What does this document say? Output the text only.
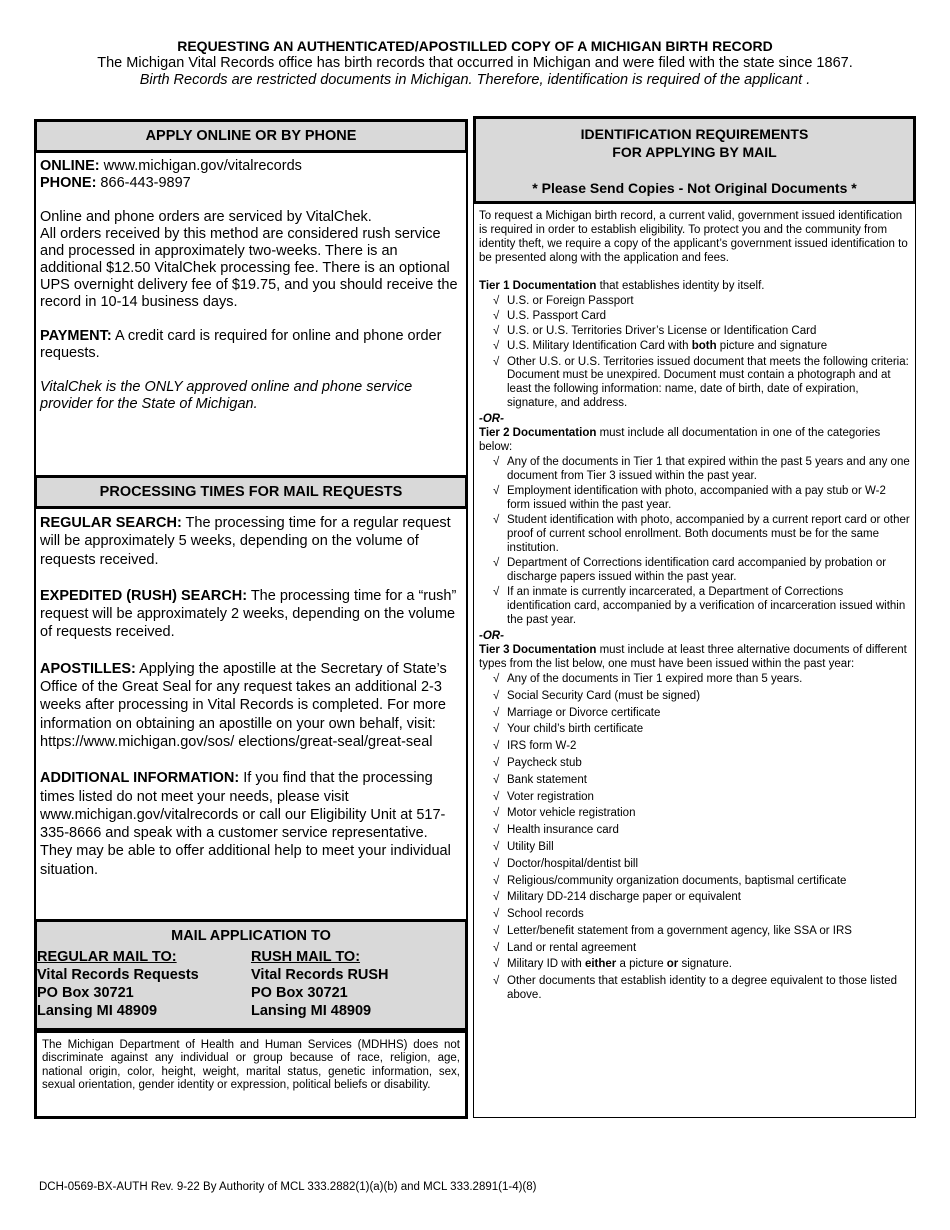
REQUESTING AN AUTHENTICATED/APOSTILLED COPY OF A MICHIGAN BIRTH RECORD
The Michigan Vital Records office has birth records that occurred in Michigan and were filed with the state since 1867.
Birth Records are restricted documents in Michigan. Therefore, identification is required of the applicant .
APPLY ONLINE OR BY PHONE

ONLINE: www.michigan.gov/vitalrecords

PHONE: 866-443-9897

Online and phone orders are serviced by VitalChek.

All orders received by this method are considered rush service and processed in approximately two-weeks. There is an additional $12.50 VitalChek processing fee. There is an optional UPS overnight delivery fee of $19.75, and you should receive the record in 10-14 business days.

PAYMENT: A credit card is required for online and phone order requests.

VitalChek is the ONLY approved online and phone service provider for the State of Michigan.

PROCESSING TIMES FOR MAIL REQUESTS

REGULAR SEARCH: The processing time for a regular request will be approximately 5 weeks, depending on the volume of requests received.

EXPEDITED (RUSH) SEARCH: The processing time for a “rush” request will be approximately 2 weeks, depending on the volume of requests received.

APOSTILLES: Applying the apostille at the Secretary of State’s Office of the Great Seal for any request takes an additional 2-3 weeks after processing in Vital Records is completed. For more information on obtaining an apostille on your own behalf, visit: https://www.michigan.gov/sos/ elections/great-seal/great-seal

ADDITIONAL INFORMATION: If you find that the processing times listed do not meet your needs, please visit www.michigan.gov/vitalrecords or call our Eligibility Unit at 517-335-8666 and speak with a customer service representative. They may be able to offer additional help to meet your individual situation.

MAIL APPLICATION TO
REGULAR MAIL TO:
Vital Records Requests
PO Box 30721
Lansing MI 48909
RUSH MAIL TO:
Vital Records RUSH
PO Box 30721
Lansing MI 48909
The Michigan Department of Health and Human Services (MDHHS) does not discriminate against any individual or group because of race, religion, age, national origin, color, height, weight, marital status, genetic information, sex, sexual orientation, gender identity or expression, political beliefs or disability.
IDENTIFICATION REQUIREMENTS
FOR APPLYING BY MAIL
* Please Send Copies - Not Original Documents *

To request a Michigan birth record, a current valid, government issued identification is required in order to establish eligibility. To protect you and the community from identity theft, we require a copy of the applicant’s government issued identification to be presented along with the application and fees.

Tier 1 Documentation that establishes identity by itself.

√ U.S. or Foreign Passport
√ U.S. Passport Card
√ U.S. or U.S. Territories Driver’s License or Identification Card
√ U.S. Military Identification Card with both picture and signature
√ Other U.S. or U.S. Territories issued document that meets the following criteria: Document must be unexpired. Document must contain a photograph and at least the following information: name, date of birth, date of expiration, signature, and address.

-OR-

Tier 2 Documentation must include all documentation in one of the categories below:

√ Any of the documents in Tier 1 that expired within the past 5 years and any one document from Tier 3 issued within the past year.
√ Employment identification with photo, accompanied with a pay stub or W-2 form issued within the past year.
√ Student identification with photo, accompanied by a current report card or other proof of current school enrollment. Both documents must be for the same institution.
√ Department of Corrections identification card accompanied by probation or discharge papers issued within the past year.
√ If an inmate is currently incarcerated, a Department of Corrections identification card, accompanied by a verification of incarceration issued within the past year.

-OR-

Tier 3 Documentation must include at least three alternative documents of different types from the list below, one must have been issued within the past year:

√ Any of the documents in Tier 1 expired more than 5 years.
√ Social Security Card (must be signed)
√ Marriage or Divorce certificate
√ Your child’s birth certificate
√ IRS form W-2
√ Paycheck stub
√ Bank statement
√ Voter registration
√ Motor vehicle registration
√ Health insurance card
√ Utility Bill
√ Doctor/hospital/dentist bill
√ Religious/community organization documents, baptismal certificate
√ Military DD-214 discharge paper or equivalent
√ School records
√ Letter/benefit statement from a government agency, like SSA or IRS
√ Land or rental agreement
√ Military ID with either a picture or signature.
√ Other documents that establish identity to a degree equivalent to those listed above.
DCH-0569-BX-AUTH Rev. 9-22 By Authority of MCL 333.2882(1)(a)(b) and MCL 333.2891(1-4)(8)
